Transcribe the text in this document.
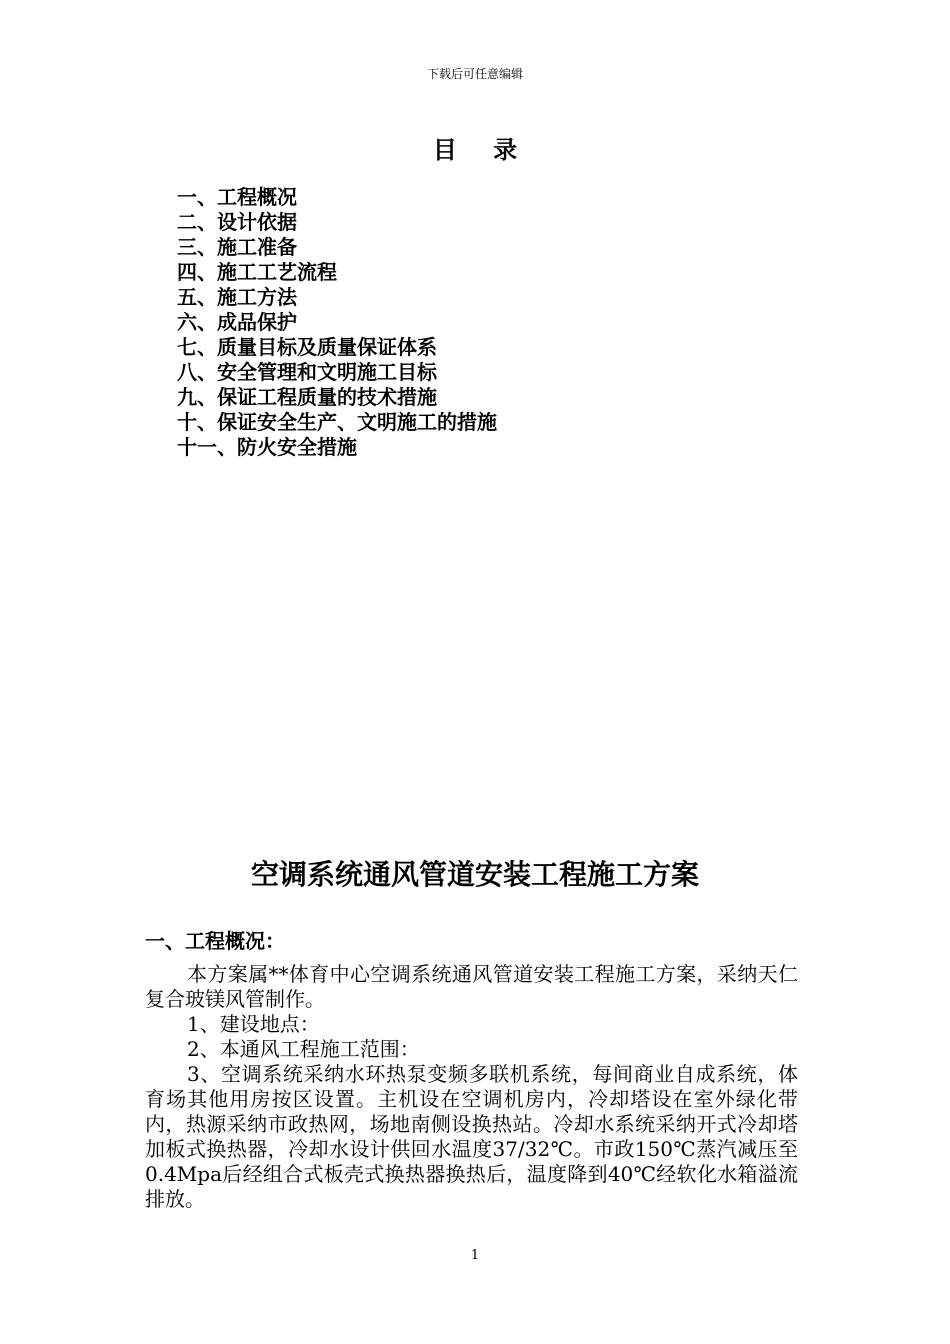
下载后可任意编辑
目 录
一、工程概况
二、设计依据
三、施工准备
四、施工工艺流程
五、施工方法
六、成品保护
七、质量目标及质量保证体系
八、安全管理和文明施工目标
九、保证工程质量的技术措施
十、保证安全生产、文明施工的措施
十一、防火安全措施
空调系统通风管道安装工程施工方案
一、工程概况：

本方案属**体育中心空调系统通风管道安装工程施工方案，采纳天仁复合玻镁风管制作。

1、建设地点：

2、本通风工程施工范围：

3、空调系统采纳水环热泵变频多联机系统，每间商业自成系统，体育场其他用房按区设置。主机设在空调机房内，冷却塔设在室外绿化带内，热源采纳市政热网，场地南侧设换热站。冷却水系统采纳开式冷却塔加板式换热器，冷却水设计供回水温度37/32℃。市政150℃蒸汽减压至0.4Mpa后经组合式板壳式换热器换热后，温度降到40℃经软化水箱溢流排放。

1
